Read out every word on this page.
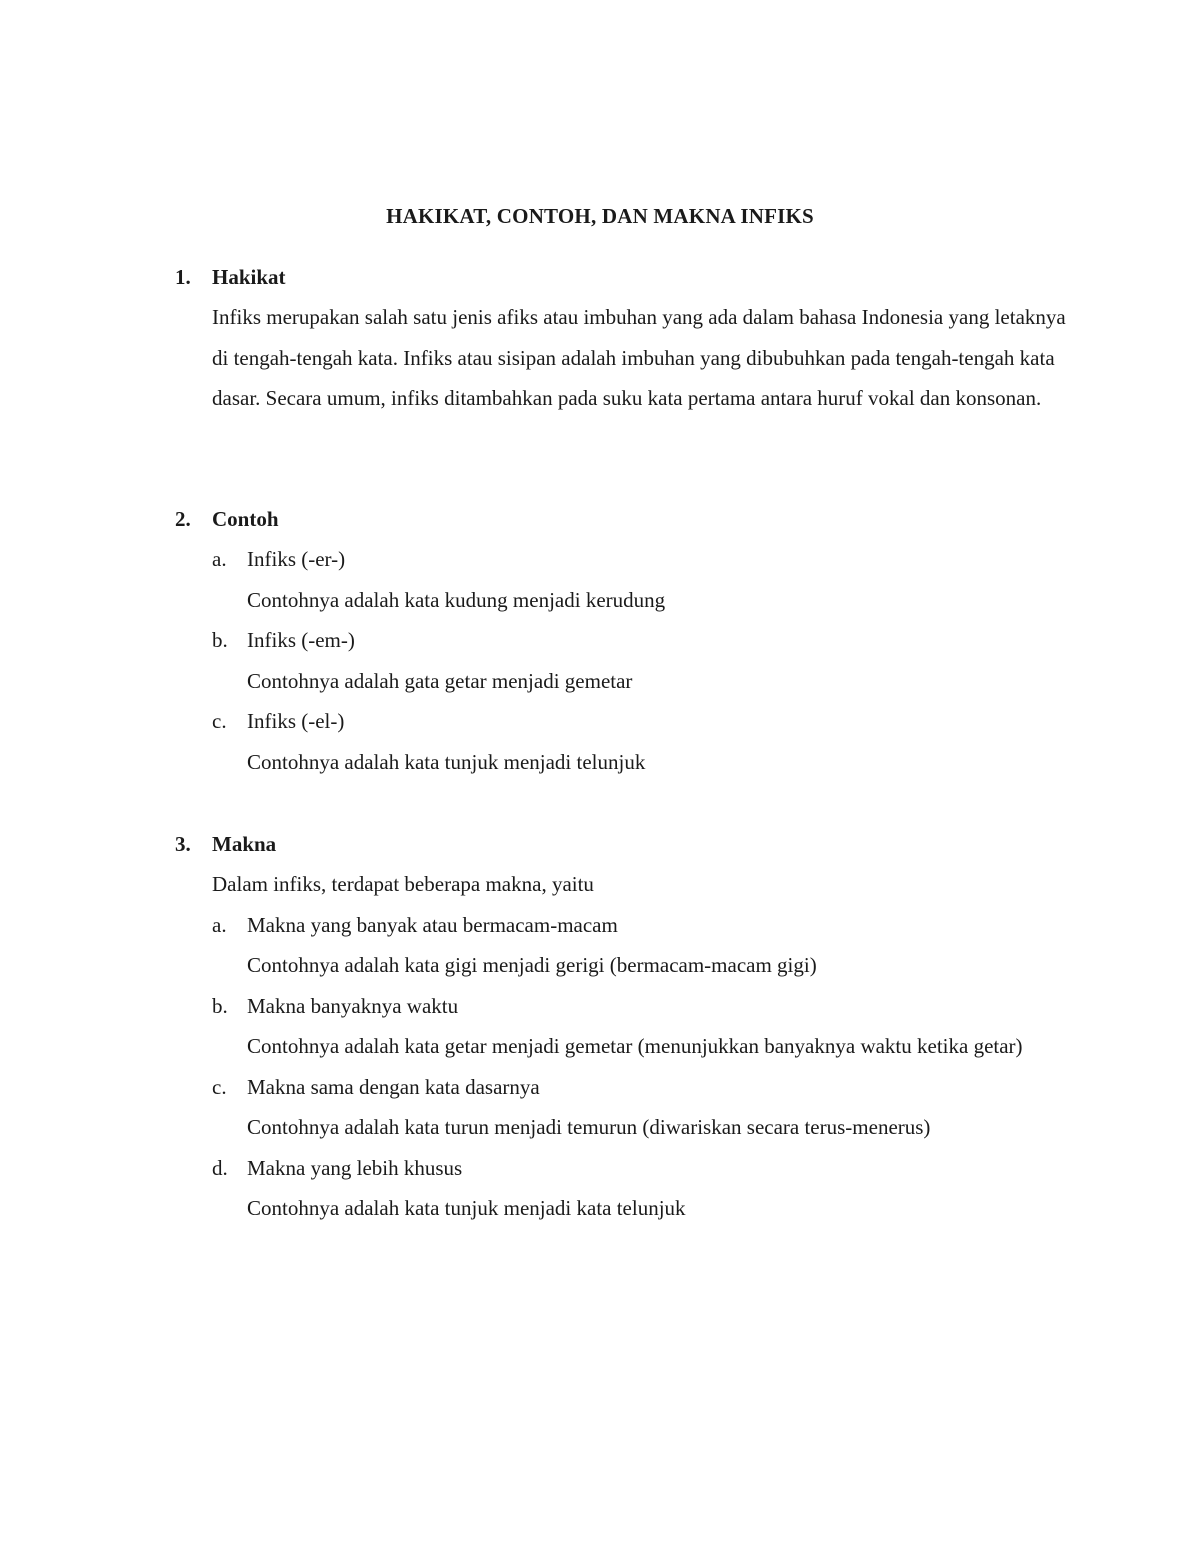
HAKIKAT, CONTOH, DAN MAKNA INFIKS
1. Hakikat

Infiks merupakan salah satu jenis afiks atau imbuhan yang ada dalam bahasa Indonesia yang letaknya di tengah-tengah kata. Infiks atau sisipan adalah imbuhan yang dibubuhkan pada tengah-tengah kata dasar. Secara umum, infiks ditambahkan pada suku kata pertama antara huruf vokal dan konsonan.

2. Contoh
a. Infiks (-er-)
Contohnya adalah kata kudung menjadi kerudung
b. Infiks (-em-)
Contohnya adalah gata getar menjadi gemetar
c. Infiks (-el-)
Contohnya adalah kata tunjuk menjadi telunjuk
3. Makna

Dalam infiks, terdapat beberapa makna, yaitu

a. Makna yang banyak atau bermacam-macam
Contohnya adalah kata gigi menjadi gerigi (bermacam-macam gigi)
b. Makna banyaknya waktu
Contohnya adalah kata getar menjadi gemetar (menunjukkan banyaknya waktu ketika getar)
c. Makna sama dengan kata dasarnya
Contohnya adalah kata turun menjadi temurun (diwariskan secara terus-menerus)
d. Makna yang lebih khusus
Contohnya adalah kata tunjuk menjadi kata telunjuk
